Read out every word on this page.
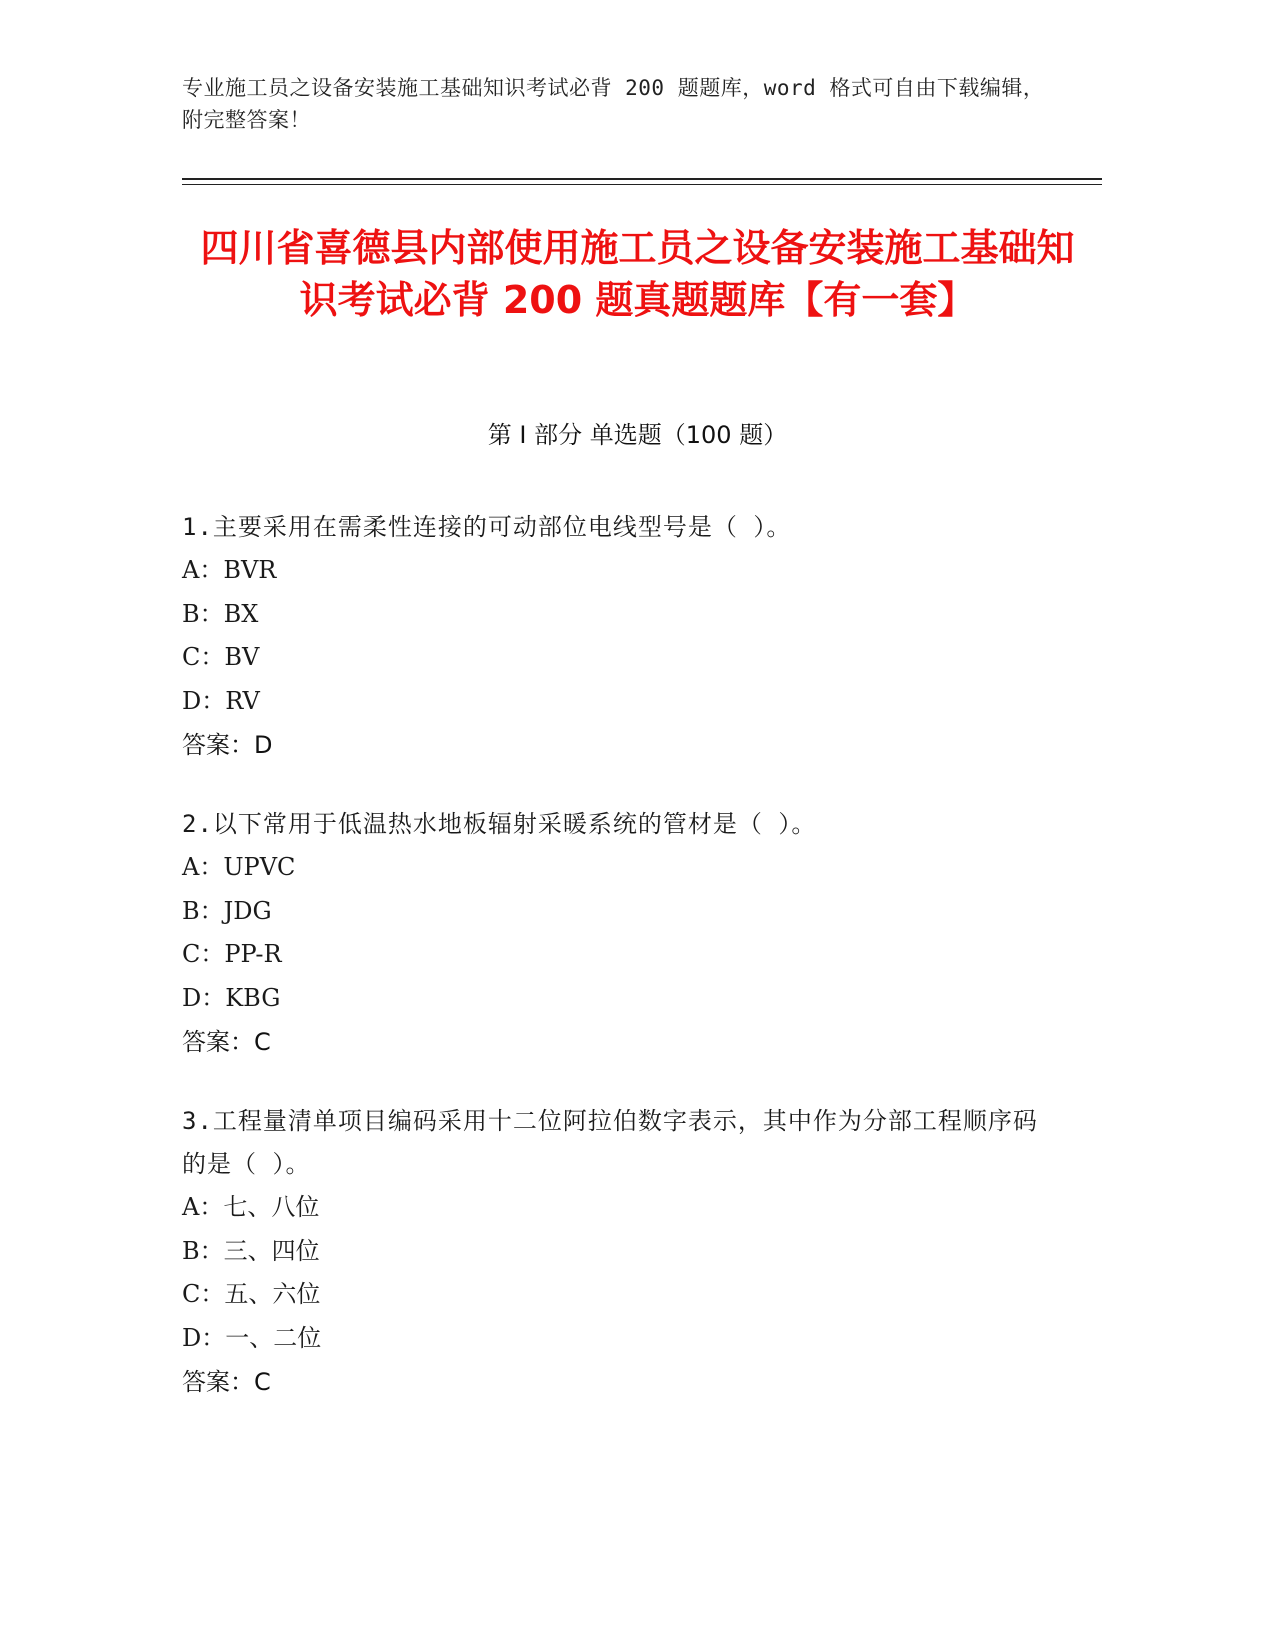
专业施工员之设备安装施工基础知识考试必背 200 题题库，word 格式可自由下载编辑，附完整答案！
四川省喜德县内部使用施工员之设备安装施工基础知识考试必背 200 题真题题库【有一套】
第 I 部分 单选题（100 题）
1.主要采用在需柔性连接的可动部位电线型号是（ ）。
A：BVR
B：BX
C：BV
D：RV
答案：D
2.以下常用于低温热水地板辐射采暖系统的管材是（ ）。
A：UPVC
B：JDG
C：PP-R
D：KBG
答案：C
3.工程量清单项目编码采用十二位阿拉伯数字表示，其中作为分部工程顺序码的是（ ）。
A：七、八位
B：三、四位
C：五、六位
D：一、二位
答案：C
